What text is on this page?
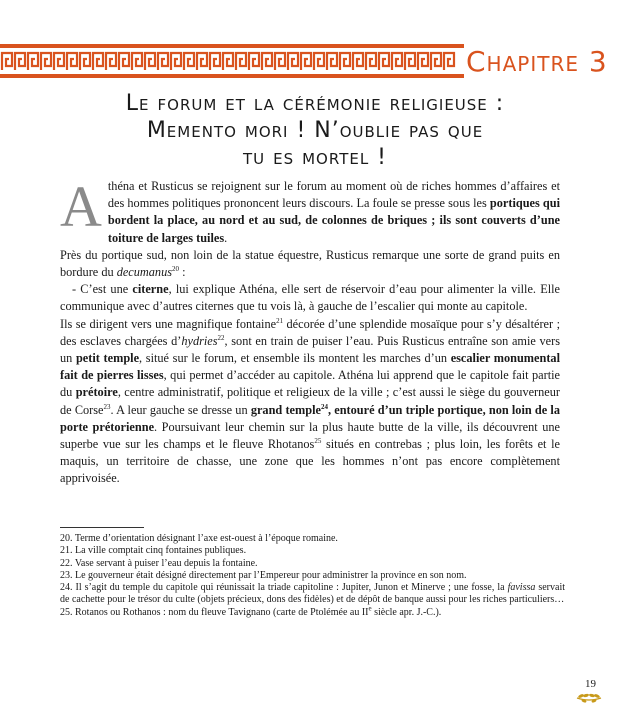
Chapitre 3
Le forum et la cérémonie religieuse :
Memento mori ! N’oublie pas que
tu es mortel !

Athéna et Rusticus se rejoignent sur le forum au moment où de riches hommes d’affaires et des hommes politiques prononcent leurs discours. La foule se presse sous les portiques qui bordent la place, au nord et au sud, de colonnes de briques ; ils sont couverts d’une toiture de larges tuiles.

Près du portique sud, non loin de la statue équestre, Rusticus remarque une sorte de grand puits en bordure du decumanus$^{20}$ :

- C’est une citerne, lui explique Athéna, elle sert de réservoir d’eau pour alimenter la ville. Elle communique avec d’autres citernes que tu vois là, à gauche de l’escalier qui monte au capitole.

Ils se dirigent vers une magnifique fontaine$^{21}$ décorée d’une splendide mosaïque pour s’y désaltérer ; des esclaves chargées d’hydries$^{22}$, sont en train de puiser l’eau. Puis Rusticus entraîne son amie vers un petit temple, situé sur le forum, et ensemble ils montent les marches d’un escalier monumental fait de pierres lisses, qui permet d’accéder au capitole. Athéna lui apprend que le capitole fait partie du prétoire, centre administratif, politique et religieux de la ville ; c’est aussi le siège du gouverneur de Corse$^{23}$. A leur gauche se dresse un grand temple$^{24}$, entouré d’un triple portique, non loin de la porte prétorienne. Poursuivant leur chemin sur la plus haute butte de la ville, ils découvrent une superbe vue sur les champs et le fleuve Rhotanos$^{25}$ situés en contrebas ; plus loin, les forêts et le maquis, un territoire de chasse, une zone que les hommes n’ont pas encore complètement apprivoisée.

20. Terme d’orientation désignant l’axe est-ouest à l’époque romaine.

21. La ville comptait cinq fontaines publiques.

22. Vase servant à puiser l’eau depuis la fontaine.

23. Le gouverneur était désigné directement par l’Empereur pour administrer la province en son nom.

24. Il s’agit du temple du capitole qui réunissait la triade capitoline : Jupiter, Junon et Minerve ; une fosse, la favissa servait de cachette pour le trésor du culte (objets précieux, dons des fidèles) et de dépôt de banque aussi pour les riches particuliers…

25. Rotanos ou Rothanos : nom du fleuve Tavignano (carte de Ptolémée au IIe siècle apr. J.-C.).

19
